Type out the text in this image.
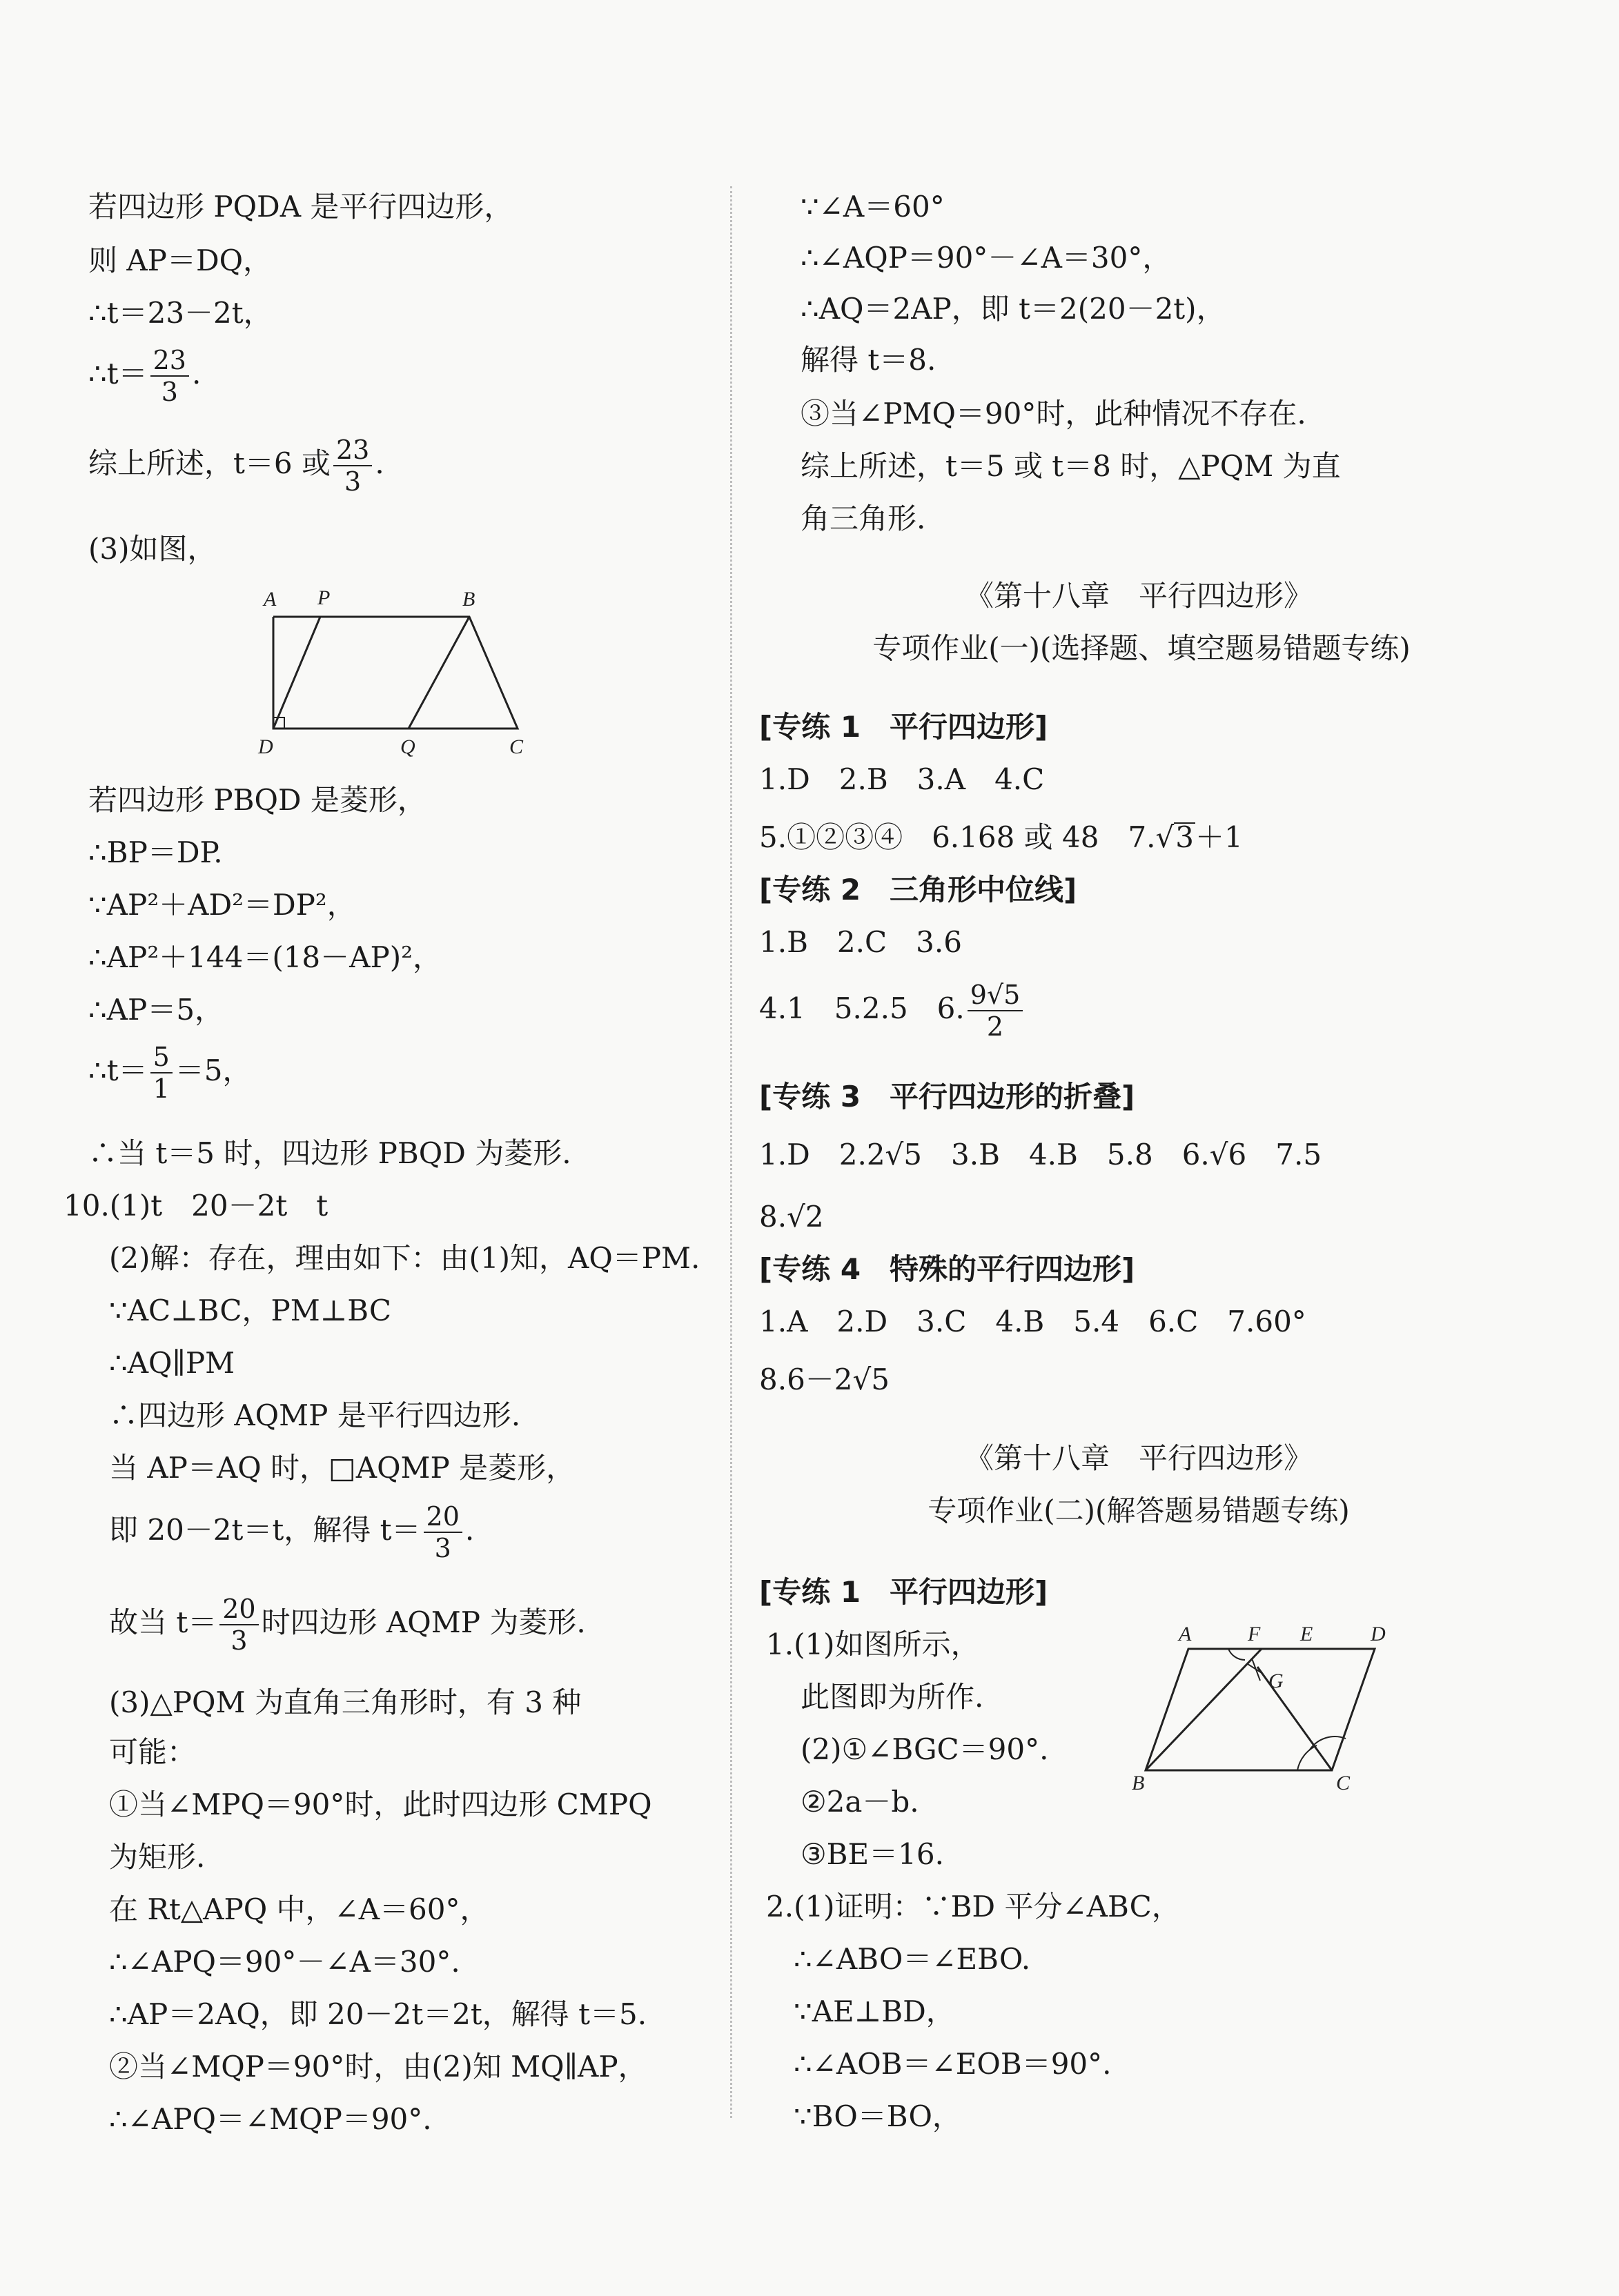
若四边形 PQDA 是平行四边形，
则 AP＝DQ，
∴t＝23－2t，
∴t＝ $\frac{23}{3}$ .
综上所述，t＝6 或 $\frac{23}{3}$ .
(3)如图，
A P	B
D	Q	C
若四边形 PBQD 是菱形，
∴BP＝DP.
∵AP²＋AD²＝DP²，
∴AP²＋144＝(18－AP)²，
∴AP＝5，
∴t＝ $\frac{5}{1} =5$，
∴当 t＝5 时，四边形 PBQD 为菱形.
10.(1)t　20－2t　t
(2)解：存在，理由如下：由(1)知，AQ＝PM.
∵AC⊥BC，PM⊥BC
∴AQ∥PM
∴四边形 AQMP 是平行四边形.
当 AP＝AQ 时，□AQMP 是菱形，
即 20－2t＝t，解得 $t= \frac{20}{3}$ .
故当 $t= \frac{20}{3}$ 时四边形 AQMP 为菱形.
(3)△PQM 为直角三角形时，有 3 种
可能：
①当∠MPQ＝90°时，此时四边形 CMPQ
为矩形.
在 Rt△APQ 中，∠A＝60°，
∴∠APQ＝90°－∠A＝30°.
∴AP＝2AQ，即 20－2t＝2t，解得 t＝5.
②当∠MQP＝90°时，由(2)知 MQ∥AP，
∴∠APQ＝∠MQP＝90°.
∵∠A＝60°
∴∠AQP＝90°－∠A＝30°，
∴AQ＝2AP，即 t＝2(20－2t)，
解得 t＝8.
③当∠PMQ＝90°时，此种情况不存在.
综上所述，t＝5 或 t＝8 时，△PQM 为直
角三角形.
《第十八章　平行四边形》
专项作业(一)(选择题、填空题易错题专练)
[专练 1　平行四边形]
1.D　2.B　3.A　4.C
5.①②③④　6.168 或 48　7.√3＋1
[专练 2　三角形中位线]
1.B　2.C　3.6
4.1　5.2.5　6. $\frac{9√5}{2}$
[专练 3　平行四边形的折叠]
1.D　2.2√5　3.B　4.B　5.8　6.√6　7.5
8.√2
[专练 4　特殊的平行四边形]
1.A　2.D　3.C　4.B　5.4　6.C　7.60°
8.6－2√5
《第十八章　平行四边形》
专项作业(二)(解答题易错题专练)
[专练 1　平行四边形]
1.(1)如图所示，
此图即为所作.
(2)①∠BGC＝90°.
②2a－b.
③BE＝16.
A	F E	D
G
B	C
2.(1)证明：∵BD 平分∠ABC，
∴∠ABO＝∠EBO.
∵AE⊥BD，
∴∠AOB＝∠EOB＝90°.
∵BO＝BO，
